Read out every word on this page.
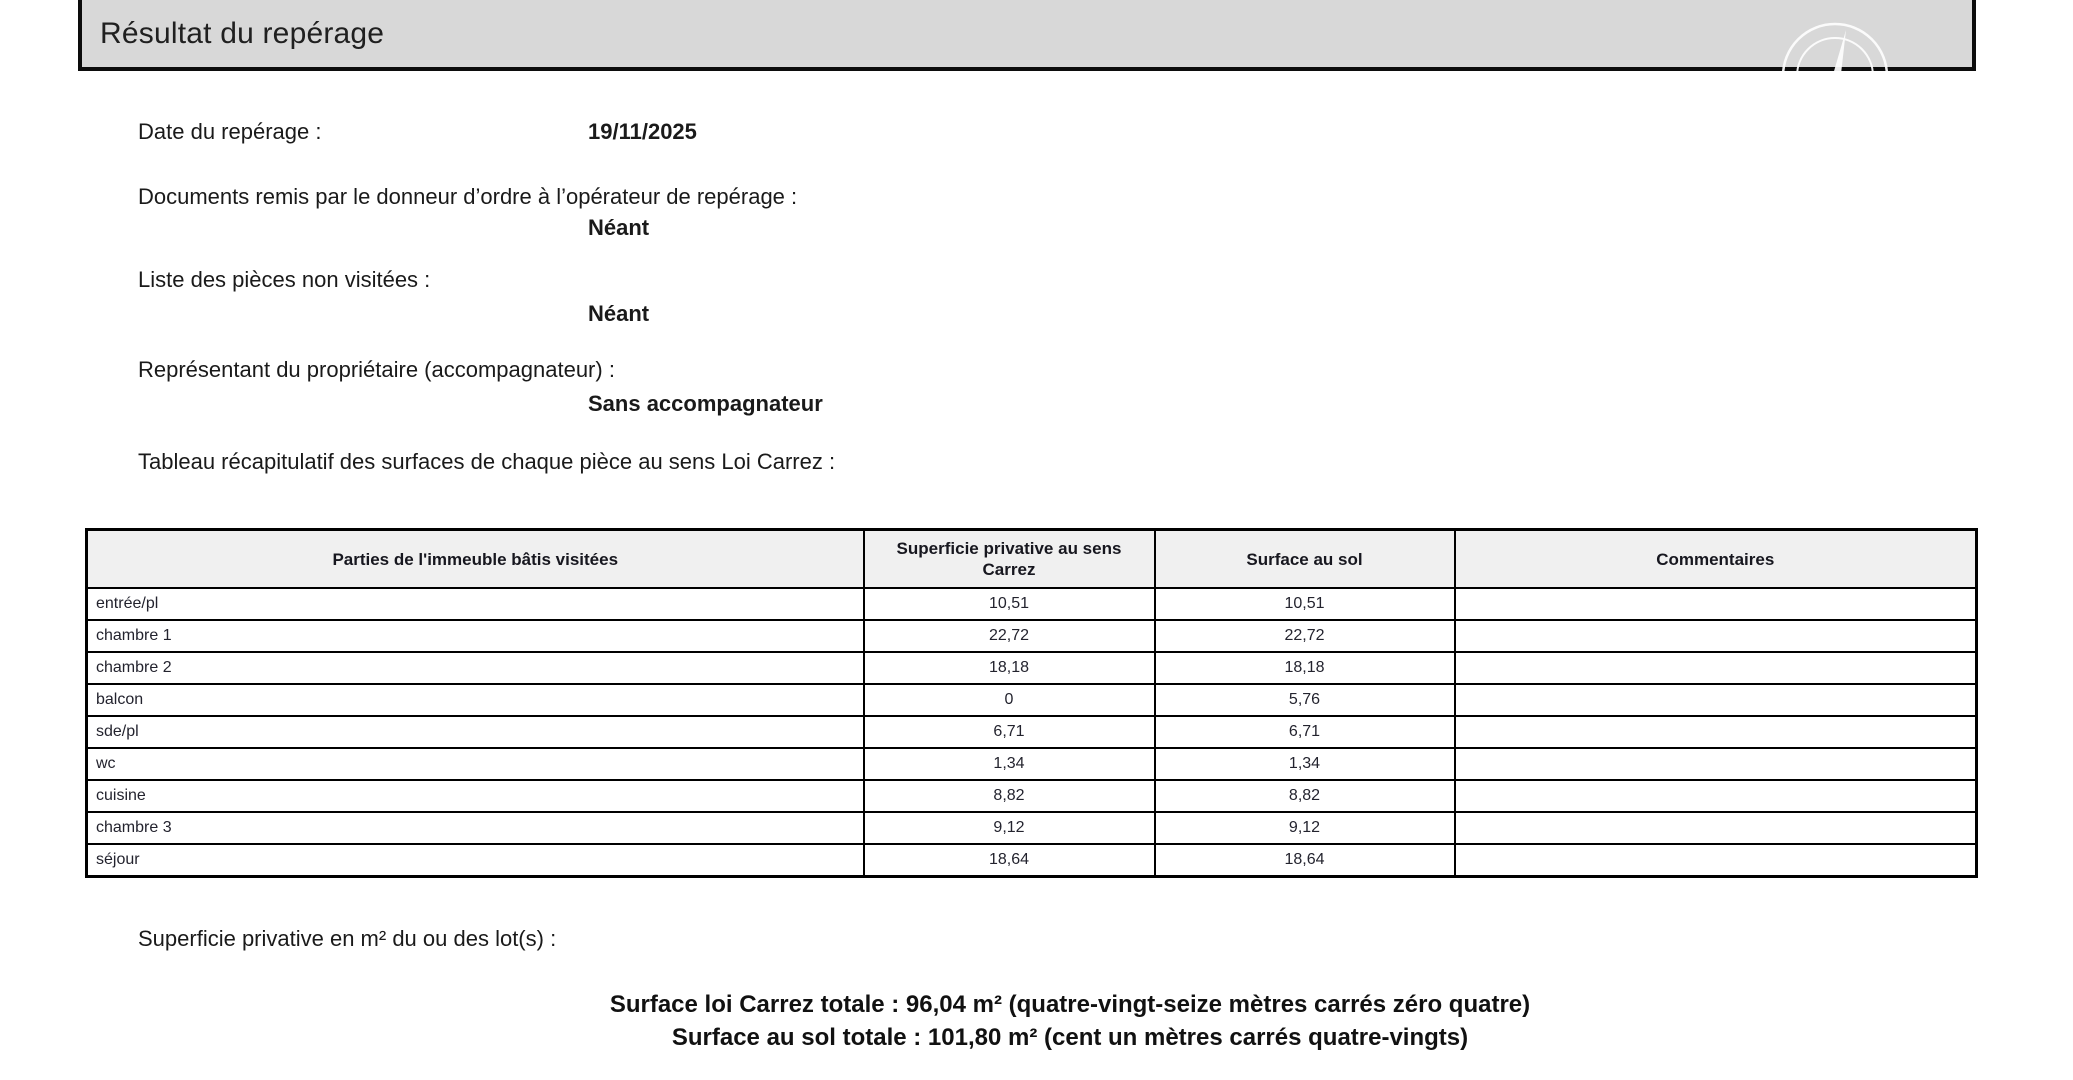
Résultat du repérage
Date du repérage :	19/11/2025
Documents remis par le donneur d’ordre à l’opérateur de repérage :
Néant
Liste des pièces non visitées :
Néant
Représentant du propriétaire (accompagnateur) :
Sans accompagnateur
Tableau récapitulatif des surfaces de chaque pièce au sens Loi Carrez :
Parties de l'immeuble bâtis visitées	Superficie privative au sens Carrez	Surface au sol	Commentaires
entrée/pl	10,51	10,51	
chambre 1	22,72	22,72	
chambre 2	18,18	18,18	
balcon	0	5,76	
sde/pl	6,71	6,71	
wc	1,34	1,34	
cuisine	8,82	8,82	
chambre 3	9,12	9,12	
séjour	18,64	18,64	
Superficie privative en m² du ou des lot(s) :
Surface loi Carrez totale : 96,04 m² (quatre-vingt-seize mètres carrés zéro quatre)
Surface au sol totale : 101,80 m² (cent un mètres carrés quatre-vingts)
